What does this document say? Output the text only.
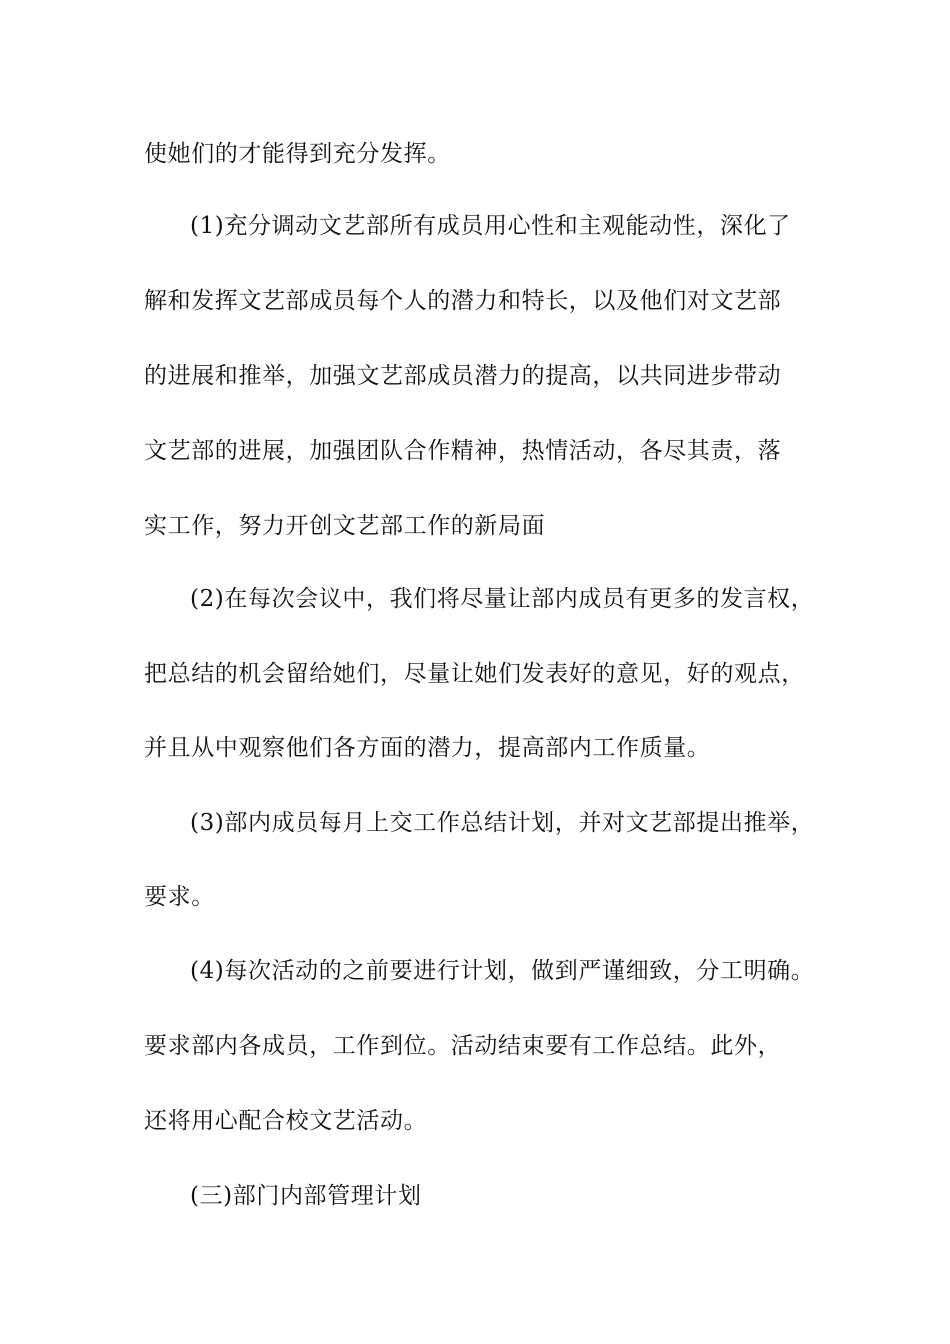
使她们的才能得到充分发挥。
(1)充分调动文艺部所有成员用心性和主观能动性，深化了
解和发挥文艺部成员每个人的潜力和特长，以及他们对文艺部
的进展和推举，加强文艺部成员潜力的提高，以共同进步带动
文艺部的进展，加强团队合作精神，热情活动，各尽其责，落
实工作，努力开创文艺部工作的新局面
(2)在每次会议中，我们将尽量让部内成员有更多的发言权，
把总结的机会留给她们，尽量让她们发表好的意见，好的观点，
并且从中观察他们各方面的潜力，提高部内工作质量。
(3)部内成员每月上交工作总结计划，并对文艺部提出推举，
要求。
(4)每次活动的之前要进行计划，做到严谨细致，分工明确。
要求部内各成员，工作到位。活动结束要有工作总结。此外，
还将用心配合校文艺活动。
(三)部门内部管理计划
